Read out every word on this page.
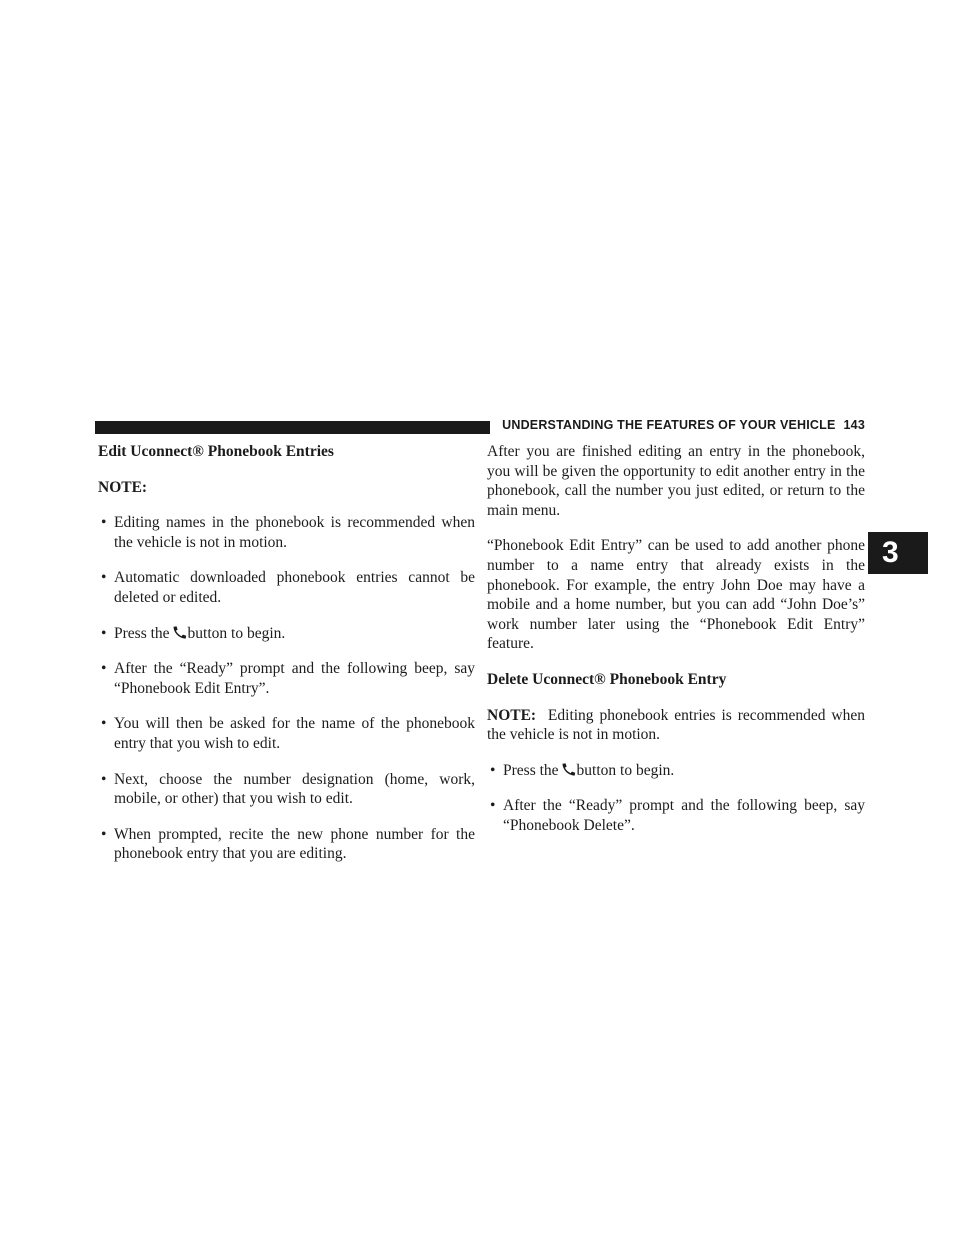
UNDERSTANDING THE FEATURES OF YOUR VEHICLE 143
3

Edit Uconnect® Phonebook Entries

NOTE:

• Editing names in the phonebook is recommended when the vehicle is not in motion.
• Automatic downloaded phonebook entries cannot be deleted or edited.
• Press the button to begin.
• After the “Ready” prompt and the following beep, say “Phonebook Edit Entry”.
• You will then be asked for the name of the phonebook entry that you wish to edit.
• Next, choose the number designation (home, work, mobile, or other) that you wish to edit.
• When prompted, recite the new phone number for the phonebook entry that you are editing.

After you are finished editing an entry in the phonebook, you will be given the opportunity to edit another entry in the phonebook, call the number you just edited, or return to the main menu.

“Phonebook Edit Entry” can be used to add another phone number to a name entry that already exists in the phonebook. For example, the entry John Doe may have a mobile and a home number, but you can add “John Doe’s” work number later using the “Phonebook Edit Entry” feature.

Delete Uconnect® Phonebook Entry

NOTE: Editing phonebook entries is recommended when the vehicle is not in motion.

• Press the button to begin.
• After the “Ready” prompt and the following beep, say “Phonebook Delete”.
